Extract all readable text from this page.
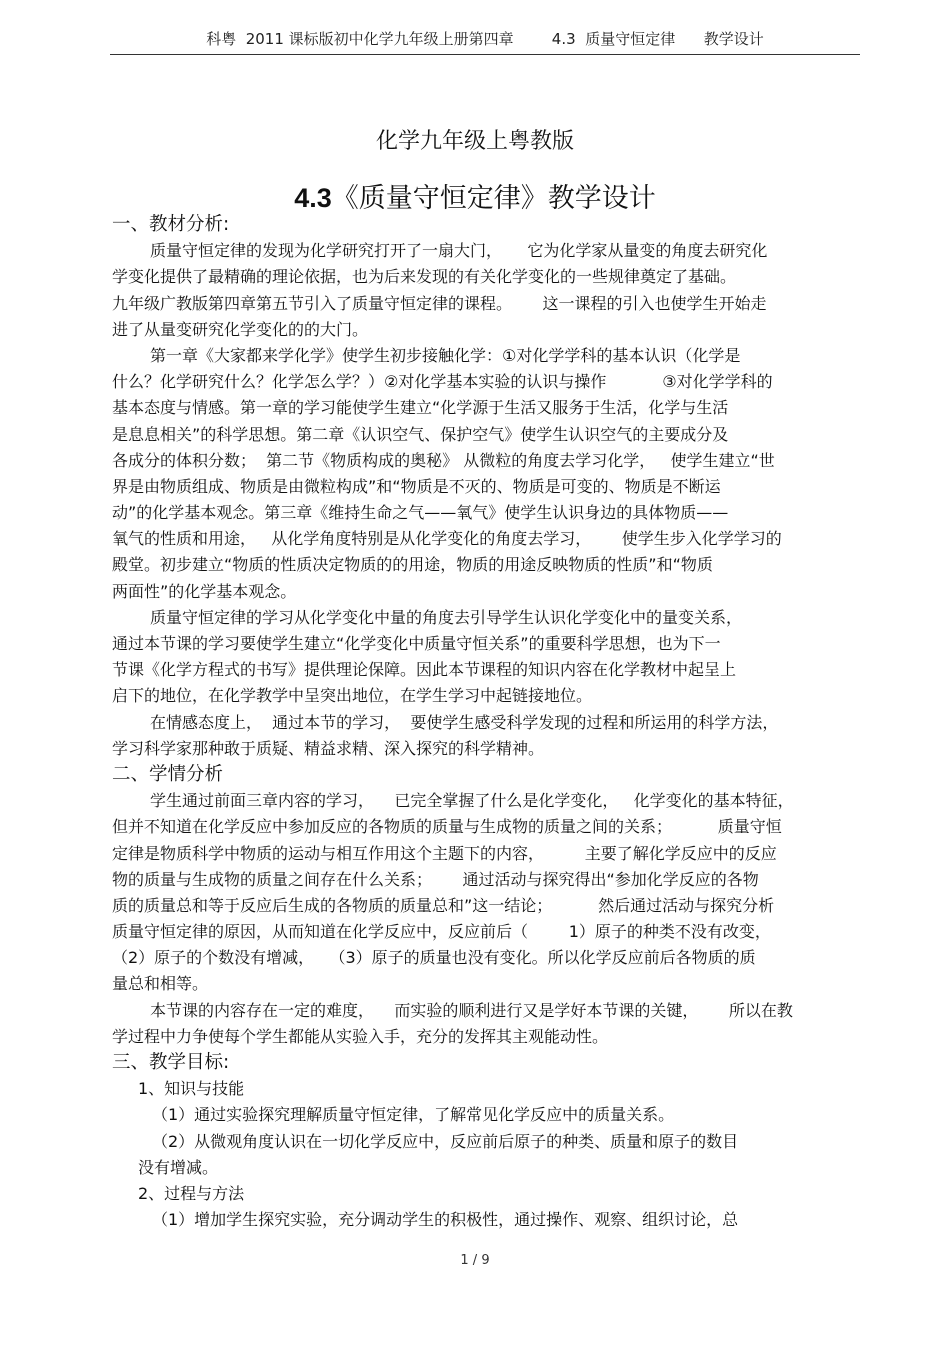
科粤  2011 课标版初中化学九年级上册第四章        4.3  质量守恒定律      教学设计
化学九年级上粤教版
4.3《质量守恒定律》教学设计
一、教材分析:
质量守恒定律的发现为化学研究打开了一扇大门，     它为化学家从量变的角度去研究化
学变化提供了最精确的理论依据，也为后来发现的有关化学变化的一些规律奠定了基础。
九年级广教版第四章第五节引入了质量守恒定律的课程。      这一课程的引入也使学生开始走
进了从量变研究化学变化的的大门。
第一章《大家都来学化学》使学生初步接触化学：①对化学学科的基本认识（化学是
什么？化学研究什么？化学怎么学？）②对化学基本实验的认识与操作           ③对化学学科的
基本态度与情感。第一章的学习能使学生建立“化学源于生活又服务于生活，化学与生活
是息息相关”的科学思想。第二章《认识空气、保护空气》使学生认识空气的主要成分及
各成分的体积分数；  第二节《物质构成的奥秘》 从微粒的角度去学习化学，   使学生建立“世
界是由物质组成、物质是由微粒构成”和“物质是不灭的、物质是可变的、物质是不断运
动”的化学基本观念。第三章《维持生命之气——氧气》使学生认识身边的具体物质——
氧气的性质和用途，   从化学角度特别是从化学变化的角度去学习，      使学生步入化学学习的
殿堂。初步建立“物质的性质决定物质的的用途，物质的用途反映物质的性质”和“物质
两面性”的化学基本观念。
质量守恒定律的学习从化学变化中量的角度去引导学生认识化学变化中的量变关系，
通过本节课的学习要使学生建立“化学变化中质量守恒关系”的重要科学思想，也为下一
节课《化学方程式的书写》提供理论保障。因此本节课程的知识内容在化学教材中起呈上
启下的地位，在化学教学中呈突出地位，在学生学习中起链接地位。
在情感态度上，  通过本节的学习，  要使学生感受科学发现的过程和所运用的科学方法，
学习科学家那种敢于质疑、精益求精、深入探究的科学精神。
二、学情分析
学生通过前面三章内容的学习，    已完全掌握了什么是化学变化，   化学变化的基本特征，
但并不知道在化学反应中参加反应的各物质的质量与生成物的质量之间的关系；         质量守恒
定律是物质科学中物质的运动与相互作用这个主题下的内容，        主要了解化学反应中的反应
物的质量与生成物的质量之间存在什么关系；      通过活动与探究得出“参加化学反应的各物
质的质量总和等于反应后生成的各物质的质量总和”这一结论；         然后通过活动与探究分析
质量守恒定律的原因，从而知道在化学反应中，反应前后（        1）原子的种类不没有改变，
（2）原子的个数没有增减，   （3）原子的质量也没有变化。所以化学反应前后各物质的质
量总和相等。
本节课的内容存在一定的难度，    而实验的顺利进行又是学好本节课的关键，      所以在教
学过程中力争使每个学生都能从实验入手，充分的发挥其主观能动性。
三、教学目标:
1、知识与技能
（1）通过实验探究理解质量守恒定律，了解常见化学反应中的质量关系。
（2）从微观角度认识在一切化学反应中，反应前后原子的种类、质量和原子的数目
没有增减。
2、过程与方法
（1）增加学生探究实验，充分调动学生的积极性，通过操作、观察、组织讨论，总
1 / 9
